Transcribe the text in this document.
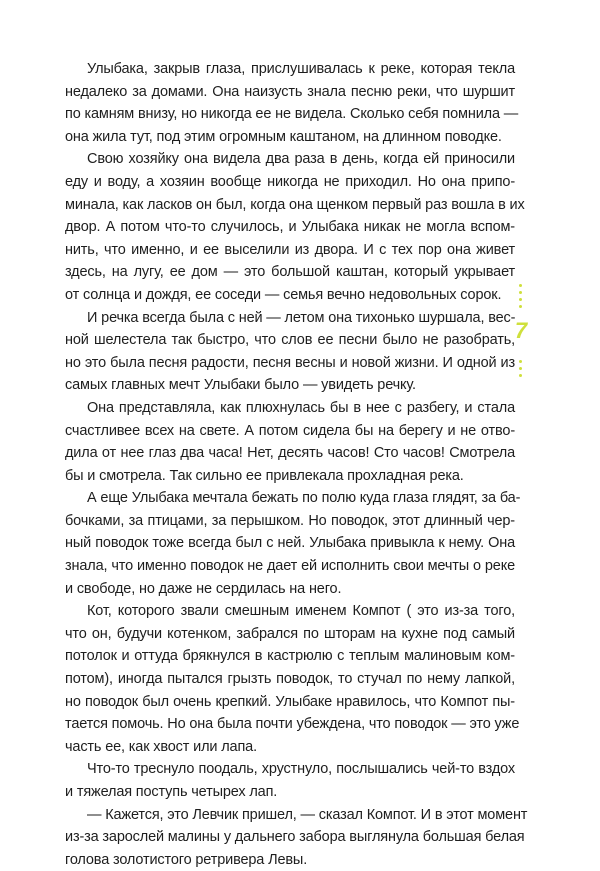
Улыбака, закрыв глаза, прислушивалась к реке, которая текла
недалеко за домами. Она наизусть знала песню реки, что шуршит
по камням внизу, но никогда ее не видела. Сколько себя помнила —
она жила тут, под этим огромным каштаном, на длинном поводке.
Свою хозяйку она видела два раза в день, когда ей приносили
еду и воду, а хозяин вообще никогда не приходил. Но она припо-
минала, как ласков он был, когда она щенком первый раз вошла в их
двор. А потом что-то случилось, и Улыбака никак не могла вспом-
нить, что именно, и ее выселили из двора. И с тех пор она живет
здесь, на лугу, ее дом — это большой каштан, который укрывает
от солнца и дождя, ее соседи — семья вечно недовольных сорок.
И речка всегда была с ней — летом она тихонько шуршала, вес-
ной шелестела так быстро, что слов ее песни было не разобрать,
но это была песня радости, песня весны и новой жизни. И одной из
самых главных мечт Улыбаки было — увидеть речку.
Она представляла, как плюхнулась бы в нее с разбегу, и стала
счастливее всех на свете. А потом сидела бы на берегу и не отво-
дила от нее глаз два часа! Нет, десять часов! Сто часов! Смотрела
бы и смотрела. Так сильно ее привлекала прохладная река.
А еще Улыбака мечтала бежать по полю куда глаза глядят, за ба-
бочками, за птицами, за перышком. Но поводок, этот длинный чер-
ный поводок тоже всегда был с ней. Улыбака привыкла к нему. Она
знала, что именно поводок не дает ей исполнить свои мечты о реке
и свободе, но даже не сердилась на него.
Кот, которого звали смешным именем Компот ( это из-за того,
что он, будучи котенком, забрался по шторам на кухне под самый
потолок и оттуда брякнулся в кастрюлю с теплым малиновым ком-
потом), иногда пытался грызть поводок, то стучал по нему лапкой,
но поводок был очень крепкий. Улыбаке нравилось, что Компот пы-
тается помочь. Но она была почти убеждена, что поводок — это уже
часть ее, как хвост или лапа.
Что-то треснуло поодаль, хрустнуло, послышались чей-то вздох
и тяжелая поступь четырех лап.
— Кажется, это Левчик пришел, — сказал Компот. И в этот момент
из-за зарослей малины у дальнего забора выглянула большая белая
голова золотистого ретривера Левы.
7
